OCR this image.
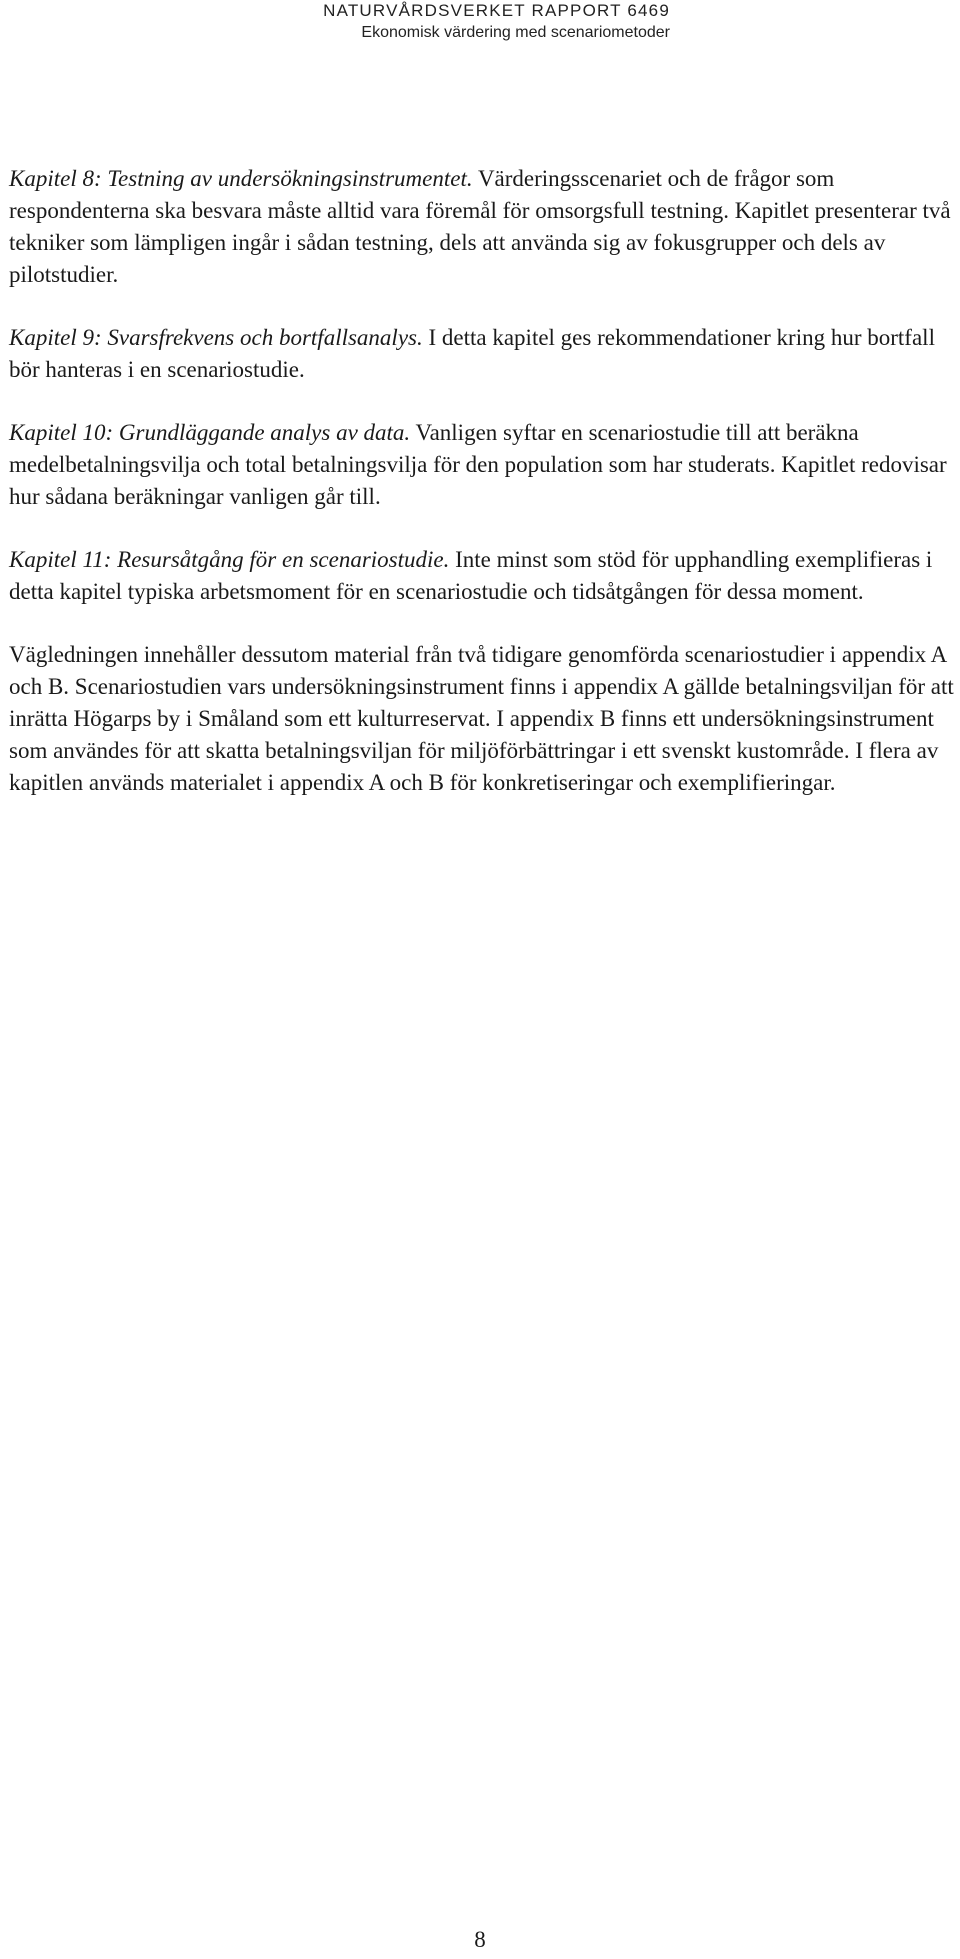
NATURVÅRDSVERKET RAPPORT 6469
Ekonomisk värdering med scenariometoder

Kapitel 8: Testning av undersökningsinstrumentet. Värderingsscenariet och de frågor som respondenterna ska besvara måste alltid vara föremål för omsorgsfull testning. Kapitlet presenterar två tekniker som lämpligen ingår i sådan testning, dels att använda sig av fokusgrupper och dels av pilotstudier.

Kapitel 9: Svarsfrekvens och bortfallsanalys. I detta kapitel ges rekommendationer kring hur bortfall bör hanteras i en scenariostudie.

Kapitel 10: Grundläggande analys av data. Vanligen syftar en scenariostudie till att beräkna medelbetalningsvilja och total betalningsvilja för den population som har studerats. Kapitlet redovisar hur sådana beräkningar vanligen går till.

Kapitel 11: Resursåtgång för en scenariostudie. Inte minst som stöd för upphandling exemplifieras i detta kapitel typiska arbetsmoment för en scenariostudie och tidsåtgången för dessa moment.

Vägledningen innehåller dessutom material från två tidigare genomförda scenariostudier i appendix A och B. Scenariostudien vars undersökningsinstrument finns i appendix A gällde betalningsviljan för att inrätta Högarps by i Småland som ett kulturreservat. I appendix B finns ett undersökningsinstrument som användes för att skatta betalningsviljan för miljöförbättringar i ett svenskt kustområde. I flera av kapitlen används materialet i appendix A och B för konkretiseringar och exemplifieringar.

8
